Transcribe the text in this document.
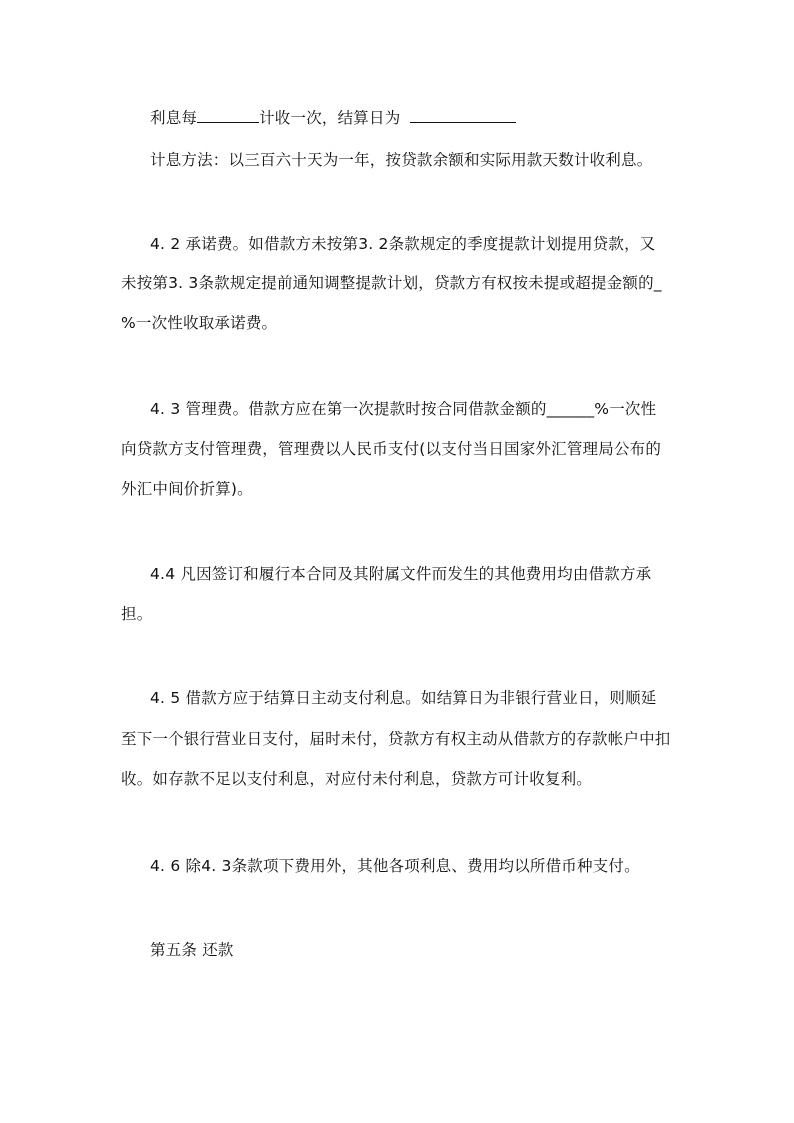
利息每	计收一次，结算日为
计息方法：以三百六十天为一年，按贷款余额和实际用款天数计收利息。
4. 2 承诺费。如借款方未按第3. 2条款规定的季度提款计划提用贷款，又
未按第3. 3条款规定提前通知调整提款计划，贷款方有权按未提或超提金额的_
%一次性收取承诺费。
4. 3 管理费。借款方应在第一次提款时按合同借款金额的______%一次性
向贷款方支付管理费，管理费以人民币支付(以支付当日国家外汇管理局公布的
外汇中间价折算)。
4.4 凡因签订和履行本合同及其附属文件而发生的其他费用均由借款方承
担。
4. 5 借款方应于结算日主动支付利息。如结算日为非银行营业日，则顺延
至下一个银行营业日支付，届时未付，贷款方有权主动从借款方的存款帐户中扣
收。如存款不足以支付利息，对应付未付利息，贷款方可计收复利。
4. 6 除4. 3条款项下费用外，其他各项利息、费用均以所借币种支付。
第五条 还款
